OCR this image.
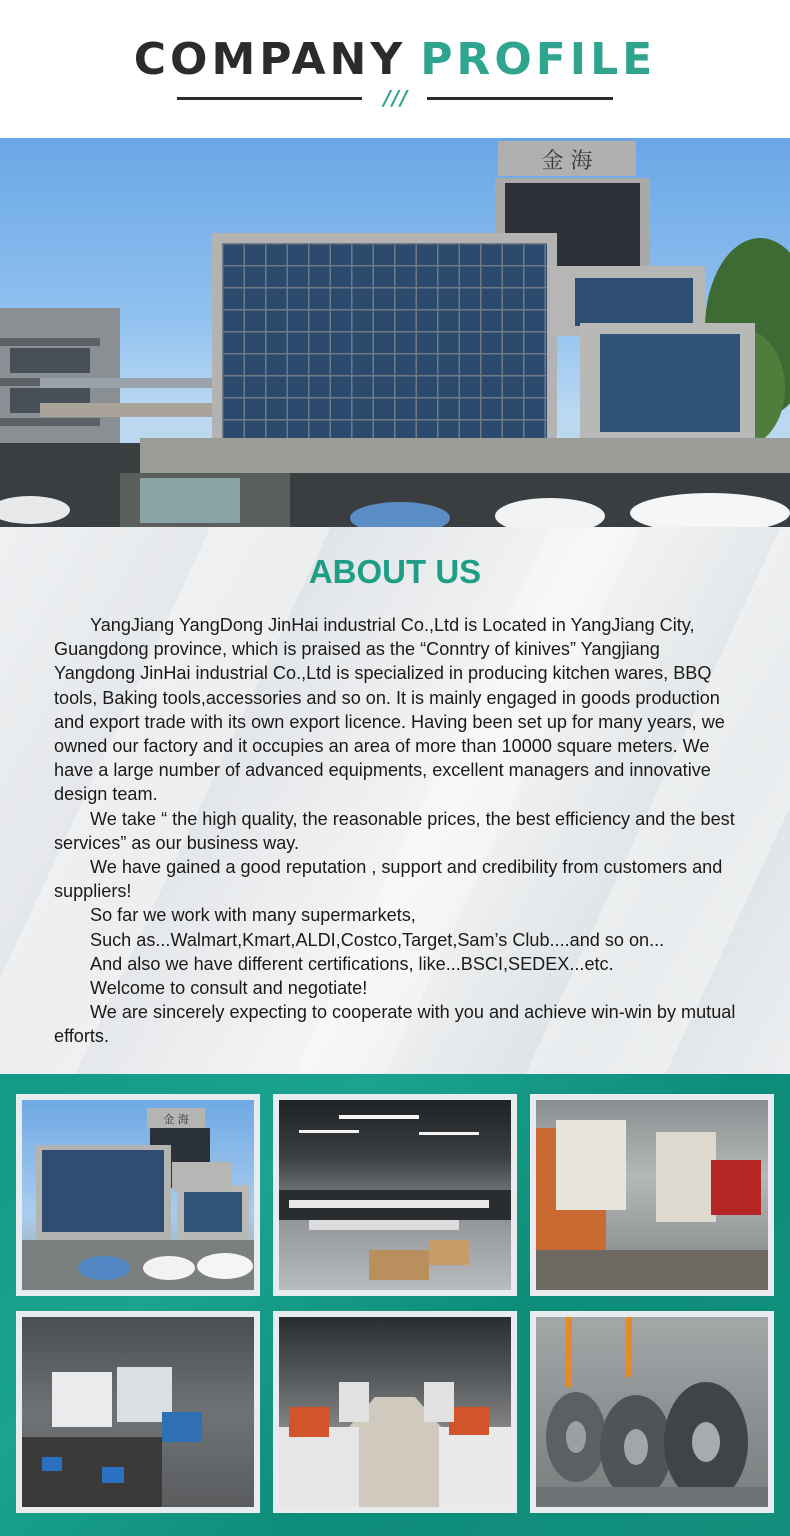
COMPANY PROFILE
///
金 海
ABOUT US

YangJiang YangDong JinHai industrial Co.,Ltd is Located in YangJiang City, Guangdong province, which is praised as the “Conntry of kinives” Yangjiang Yangdong JinHai industrial Co.,Ltd is specialized in producing kitchen wares, BBQ tools, Baking tools,accessories and so on. It is mainly engaged in goods production and export trade with its own export licence. Having been set up for many years, we owned our factory and it occupies an area of more than 10000 square meters. We have a large number of advanced equipments, excellent managers and innovative design team.

We take “ the high quality, the reasonable prices, the best efficiency and the best services” as our business way.

We have gained a good reputation , support and credibility from customers and suppliers!

So far we work with many supermarkets,

Such as...Walmart,Kmart,ALDI,Costco,Target,Sam’s Club....and so on...

And also we have different certifications, like...BSCI,SEDEX...etc.

Welcome to consult and negotiate!

We are sincerely expecting to cooperate with you and achieve win-win by mutual efforts.

金 海
